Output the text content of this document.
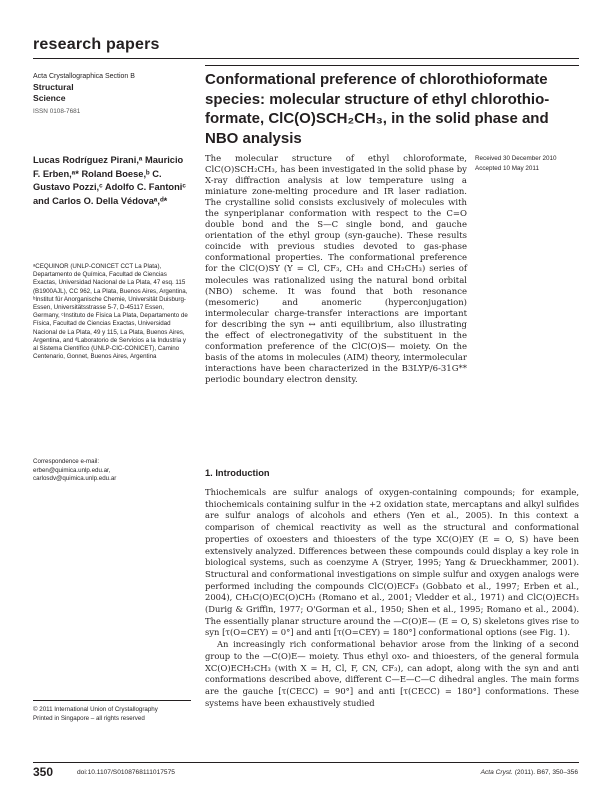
research papers
Acta Crystallographica Section B
Structural
Science
ISSN 0108-7681
Conformational preference of chlorothioformate species: molecular structure of ethyl chlorothio-formate, ClC(O)SCH₂CH₃, in the solid phase and NBO analysis
Lucas Rodríguez Pirani,ᵃ Mauricio F. Erben,ᵃ* Roland Boese,ᵇ C. Gustavo Pozzi,ᶜ Adolfo C. Fantoniᶜ and Carlos O. Della Védovaᵃ,ᵈ*
ᵃCEQUINOR (UNLP-CONICET CCT La Plata), Departamento de Química, Facultad de Ciencias Exactas, Universidad Nacional de La Plata, 47 esq. 115 (B1900AJL), CC 962, La Plata, Buenos Aires, Argentina, ᵇInstitut für Anorganische Chemie, Universität Duisburg-Essen, Universitätsstrasse 5-7, D-45117 Essen, Germany, ᶜInstituto de Física La Plata, Departamento de Física, Facultad de Ciencias Exactas, Universidad Nacional de La Plata, 49 y 115, La Plata, Buenos Aires, Argentina, and ᵈLaboratorio de Servicios a la Industria y al Sistema Científico (UNLP-CIC-CONICET), Camino Centenario, Gonnet, Buenos Aires, Argentina
Correspondence e-mail:
erben@quimica.unlp.edu.ar,
carlosdv@quimica.unlp.edu.ar
© 2011 International Union of Crystallography
Printed in Singapore – all rights reserved
Received 30 December 2010
Accepted 10 May 2011
The molecular structure of ethyl chloroformate, ClC(O)SCH₂CH₃, has been investigated in the solid phase by X-ray diffraction analysis at low temperature using a miniature zone-melting procedure and IR laser radiation. The crystalline solid consists exclusively of molecules with the synperiplanar conformation with respect to the C=O double bond and the S—C single bond, and gauche orientation of the ethyl group (syn-gauche). These results coincide with previous studies devoted to gas-phase conformational properties. The conformational preference for the ClC(O)SY (Y = Cl, CF₃, CH₃ and CH₂CH₃) series of molecules was rationalized using the natural bond orbital (NBO) scheme. It was found that both resonance (mesomeric) and anomeric (hyperconjugation) intermolecular charge-transfer interactions are important for describing the syn ↔ anti equilibrium, also illustrating the effect of electronegativity of the substituent in the conformation preference of the ClC(O)S— moiety. On the basis of the atoms in molecules (AIM) theory, intermolecular interactions have been characterized in the B3LYP/6-31G** periodic boundary electron density.
1. Introduction

Thiochemicals are sulfur analogs of oxygen-containing compounds; for example, thiochemicals containing sulfur in the +2 oxidation state, mercaptans and alkyl sulfides are sulfur analogs of alcohols and ethers (Yen et al., 2005). In this context a comparison of chemical reactivity as well as the structural and conformational properties of oxoesters and thioesters of the type XC(O)EY (E = O, S) have been extensively analyzed. Differences between these compounds could display a key role in biological systems, such as coenzyme A (Stryer, 1995; Yang & Drueckhammer, 2001). Structural and conformational investigations on simple sulfur and oxygen analogs were performed including the compounds ClC(O)ECF₃ (Gobbato et al., 1997; Erben et al., 2004), CH₃C(O)EC(O)CH₃ (Romano et al., 2001; Vledder et al., 1971) and ClC(O)ECH₃ (Durig & Griffin, 1977; O'Gorman et al., 1950; Shen et al., 1995; Romano et al., 2004). The essentially planar structure around the —C(O)E— (E = O, S) skeletons gives rise to syn [τ(O=CEY) = 0°] and anti [τ(O=CEY) = 180°] conformational options (see Fig. 1).

An increasingly rich conformational behavior arose from the linking of a second group to the —C(O)E— moiety. Thus ethyl oxo- and thioesters, of the general formula XC(O)ECH₂CH₃ (with X = H, Cl, F, CN, CF₃), can adopt, along with the syn and anti conformations described above, different C—E—C—C dihedral angles. The main forms are the gauche [τ(CECC) = 90°] and anti [τ(CECC) = 180°] conformations. These systems have been exhaustively studied

350	doi:10.1107/S0108768111017575	Acta Cryst. (2011). B67, 350–356
